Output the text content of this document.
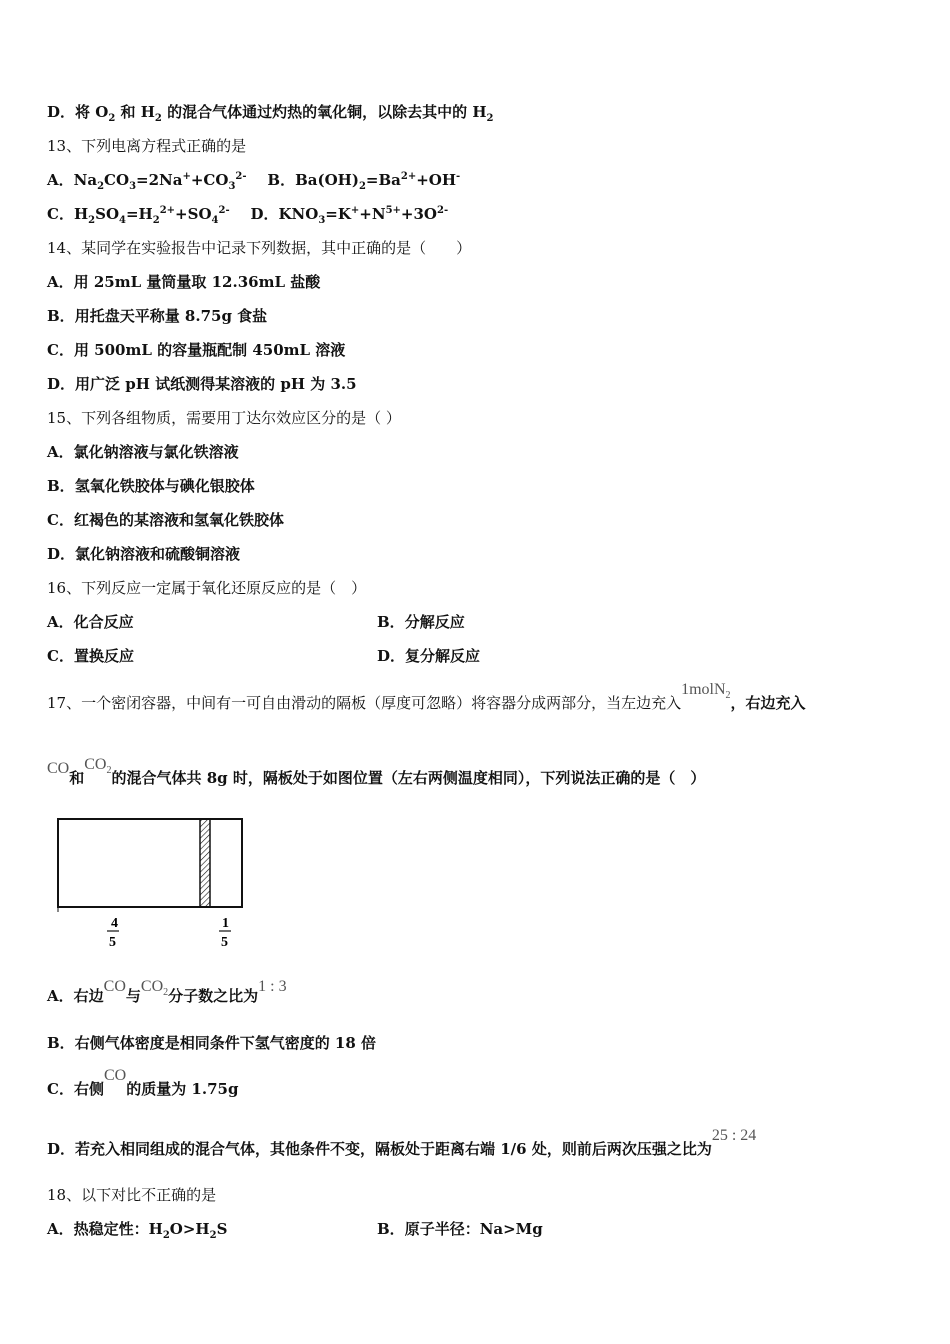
D．将 $O_2$ 和 $H_2$ 的混合气体通过灼热的氧化铜，以除去其中的 $H_2$
13、下列电离方程式正确的是
A．$Na_2CO_3=2Na^++CO_3^{2-}$ B．$Ba(OH)_2=Ba^{2+}+OH^-$
C．$H_2SO_4=H_2^{2+}+SO_4^{2-}$ D．$KNO_3=K^++N^{5+}+3O^{2-}$
14、某同学在实验报告中记录下列数据，其中正确的是（　　）
A．用 25mL 量筒量取 12.36mL 盐酸
B．用托盘天平称量 8.75g 食盐
C．用 500mL 的容量瓶配制 450mL 溶液
D．用广泛 pH 试纸测得某溶液的 pH 为 3.5
15、下列各组物质，需要用丁达尔效应区分的是（ ）
A．氯化钠溶液与氯化铁溶液
B．氢氧化铁胶体与碘化银胶体
C．红褐色的某溶液和氢氧化铁胶体
D．氯化钠溶液和硫酸铜溶液
16、下列反应一定属于氧化还原反应的是（　）
A．化合反应	B．分解反应
C．置换反应	D．复分解反应
17、一个密闭容器，中间有一可自由滑动的隔板（厚度可忽略）将容器分成两部分，当左边充入1molN$_2$，右边充入
CO和$CO_2$的混合气体共 8g 时，隔板处于如图位置（左右两侧温度相同），下列说法正确的是（　）
4
5
1
5
A．右边CO与$CO_2$分子数之比为1 : 3
B．右侧气体密度是相同条件下氢气密度的 18 倍
C．右侧CO的质量为 1.75g
D．若充入相同组成的混合气体，其他条件不变，隔板处于距离右端 1/6 处，则前后两次压强之比为25 : 24
18、以下对比不正确的是
A．热稳定性：$H_2O>H_2S$	B．原子半径：Na>Mg
